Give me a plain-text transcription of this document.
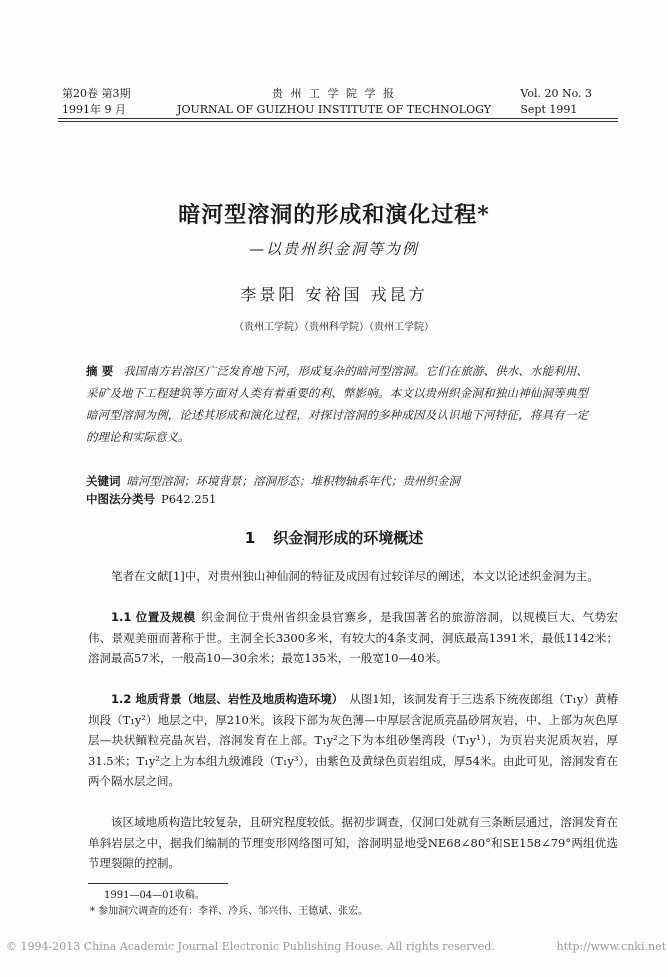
第20卷 第3期
1991年 9 月
贵 州 工 学 院 学 报
JOURNAL OF GUIZHOU INSTITUTE OF TECHNOLOGY
Vol. 20 No. 3
Sept 1991
暗河型溶洞的形成和演化过程*
—以贵州织金洞等为例
李景阳 安裕国 戎昆方
（贵州工学院）（贵州科学院）（贵州工学院）
摘 要 我国南方岩溶区广泛发育地下河，形成复杂的暗河型溶洞。它们在旅游、供水、水能利用、采矿及地下工程建筑等方面对人类有着重要的利、弊影响。本文以贵州织金洞和独山神仙洞等典型暗河型溶洞为例，论述其形成和演化过程，对探讨溶洞的多种成因及认识地下河特征，将具有一定的理论和实际意义。
关键词 暗河型溶洞；环境背景；溶洞形态；堆积物轴系年代；贵州织金洞
中图法分类号 P642.251
1 织金洞形成的环境概述
笔者在文献[1]中，对贵州独山神仙洞的特征及成因有过较详尽的阐述，本文以论述织金洞为主。
1.1 位置及规模 织金洞位于贵州省织金县官寨乡，是我国著名的旅游溶洞，以规模巨大、气势宏伟、景观美丽而著称于世。主洞全长3300多米，有较大的4条支洞，洞底最高1391米，最低1142米；溶洞最高57米，一般高10—30余米；最宽135米，一般宽10—40米。
1.2 地质背景（地层、岩性及地质构造环境） 从图1知，该洞发育于三迭系下统夜郎组（T₁y）黄椿坝段（T₁y²）地层之中，厚210米。该段下部为灰色薄—中厚层含泥质亮晶砂屑灰岩，中、上部为灰色厚层—块状鲕粒亮晶灰岩，溶洞发育在上部。T₁y²之下为本组砂堡湾段（T₁y¹），为页岩夹泥质灰岩，厚31.5米；T₁y²之上为本组九级滩段（T₁y³），由紫色及黄绿色页岩组成，厚54米。由此可见，溶洞发育在两个隔水层之间。
该区域地质构造比较复杂，且研究程度较低。据初步调查，仅洞口处就有三条断层通过，溶洞发育在单斜岩层之中，据我们编制的节理变形网络图可知，溶洞明显地受NE68∠80°和SE158∠79°两组优选节理裂隙的控制。
1991—04—01收稿。
* 参加洞穴调查的还有：李祥、冷兵、邹兴伟、王德斌、张宏。
© 1994-2013 China Academic Journal Electronic Publishing House. All rights reserved.	http://www.cnki.net
